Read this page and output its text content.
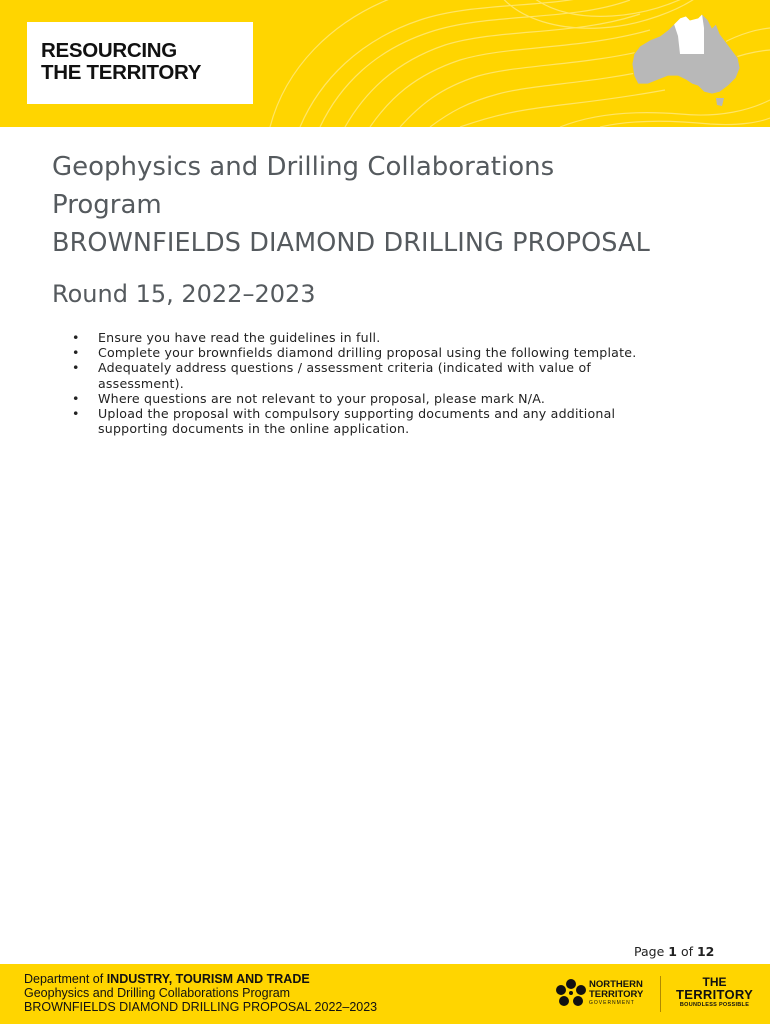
RESOURCING
THE TERRITORY
Geophysics and Drilling Collaborations
Program
BROWNFIELDS DIAMOND DRILLING PROPOSAL
Round 15, 2022–2023
• Ensure you have read the guidelines in full.
• Complete your brownfields diamond drilling proposal using the following template.
• Adequately address questions / assessment criteria (indicated with value of
assessment).
• Where questions are not relevant to your proposal, please mark N/A.
• Upload the proposal with compulsory supporting documents and any additional
supporting documents in the online application.
Page 1 of 12
Department of INDUSTRY, TOURISM AND TRADE
Geophysics and Drilling Collaborations Program
BROWNFIELDS DIAMOND DRILLING PROPOSAL 2022–2023
NORTHERN
TERRITORY
GOVERNMENT
THE
TERRITORY
BOUNDLESS POSSIBLE
